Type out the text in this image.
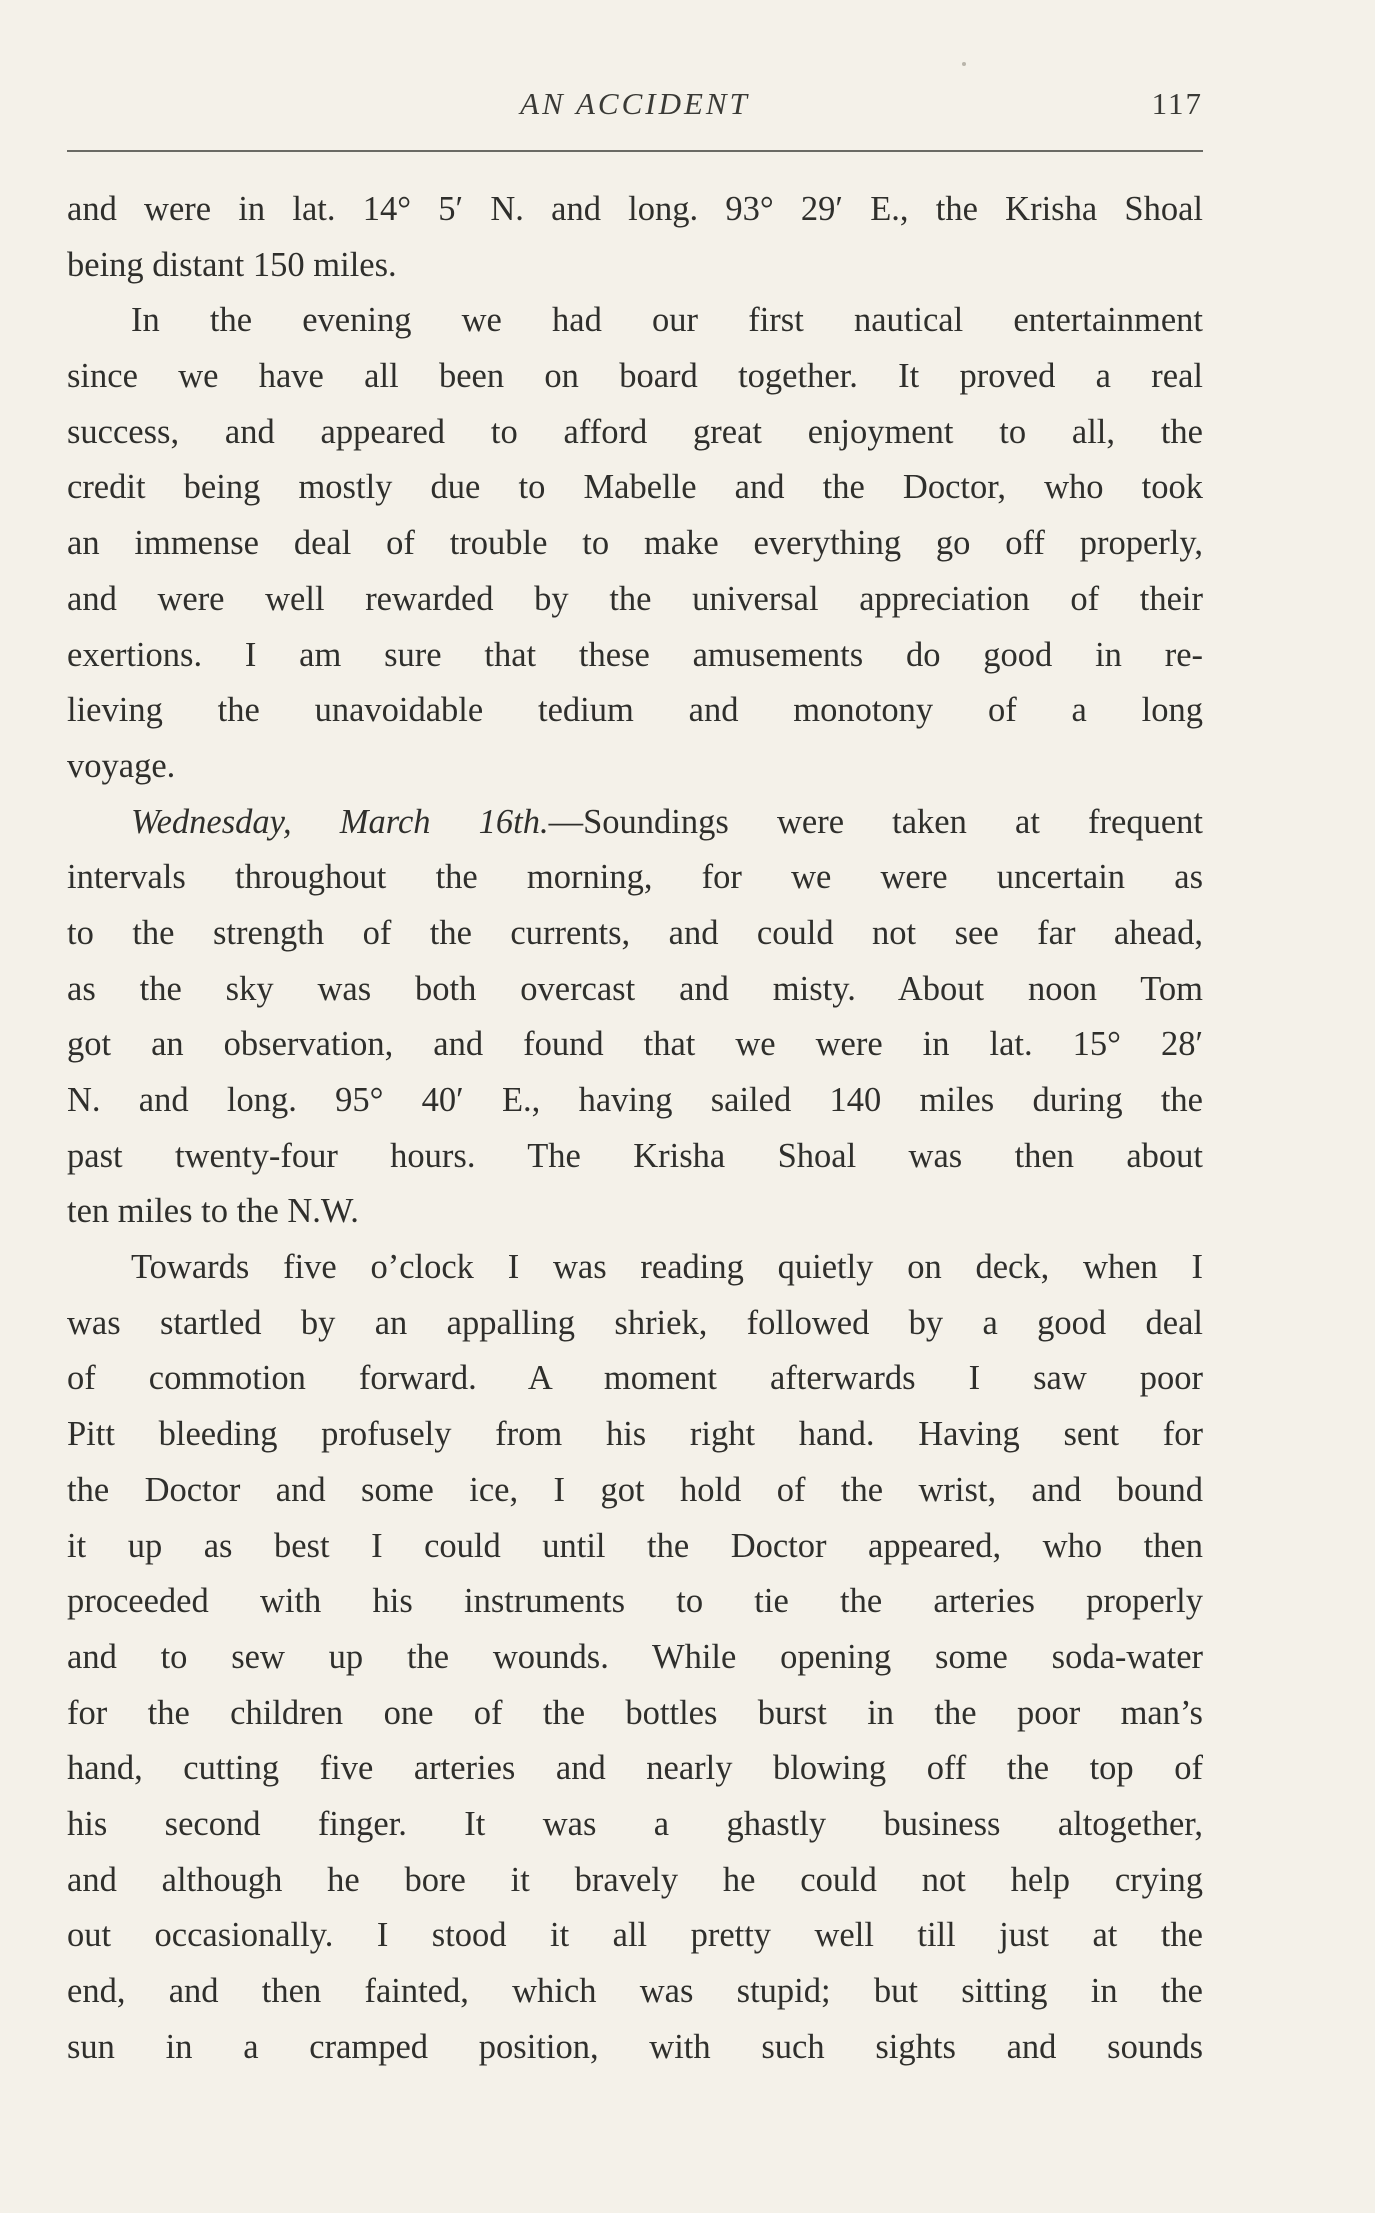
AN ACCIDENT	117
and were in lat. 14° 5′ N. and long. 93° 29′ E., the Krisha Shoal
being distant 150 miles.
In the evening we had our first nautical entertainment
since we have all been on board together. It proved a real
success, and appeared to afford great enjoyment to all, the
credit being mostly due to Mabelle and the Doctor, who took
an immense deal of trouble to make everything go off properly,
and were well rewarded by the universal appreciation of their
exertions. I am sure that these amusements do good in re-
lieving the unavoidable tedium and monotony of a long
voyage.
Wednesday, March 16th.—Soundings were taken at frequent
intervals throughout the morning, for we were uncertain as
to the strength of the currents, and could not see far ahead,
as the sky was both overcast and misty. About noon Tom
got an observation, and found that we were in lat. 15° 28′
N. and long. 95° 40′ E., having sailed 140 miles during the
past twenty-four hours. The Krisha Shoal was then about
ten miles to the N.W.
Towards five o’clock I was reading quietly on deck, when I
was startled by an appalling shriek, followed by a good deal
of commotion forward. A moment afterwards I saw poor
Pitt bleeding profusely from his right hand. Having sent for
the Doctor and some ice, I got hold of the wrist, and bound
it up as best I could until the Doctor appeared, who then
proceeded with his instruments to tie the arteries properly
and to sew up the wounds. While opening some soda-water
for the children one of the bottles burst in the poor man’s
hand, cutting five arteries and nearly blowing off the top of
his second finger. It was a ghastly business altogether,
and although he bore it bravely he could not help crying
out occasionally. I stood it all pretty well till just at the
end, and then fainted, which was stupid; but sitting in the
sun in a cramped position, with such sights and sounds
